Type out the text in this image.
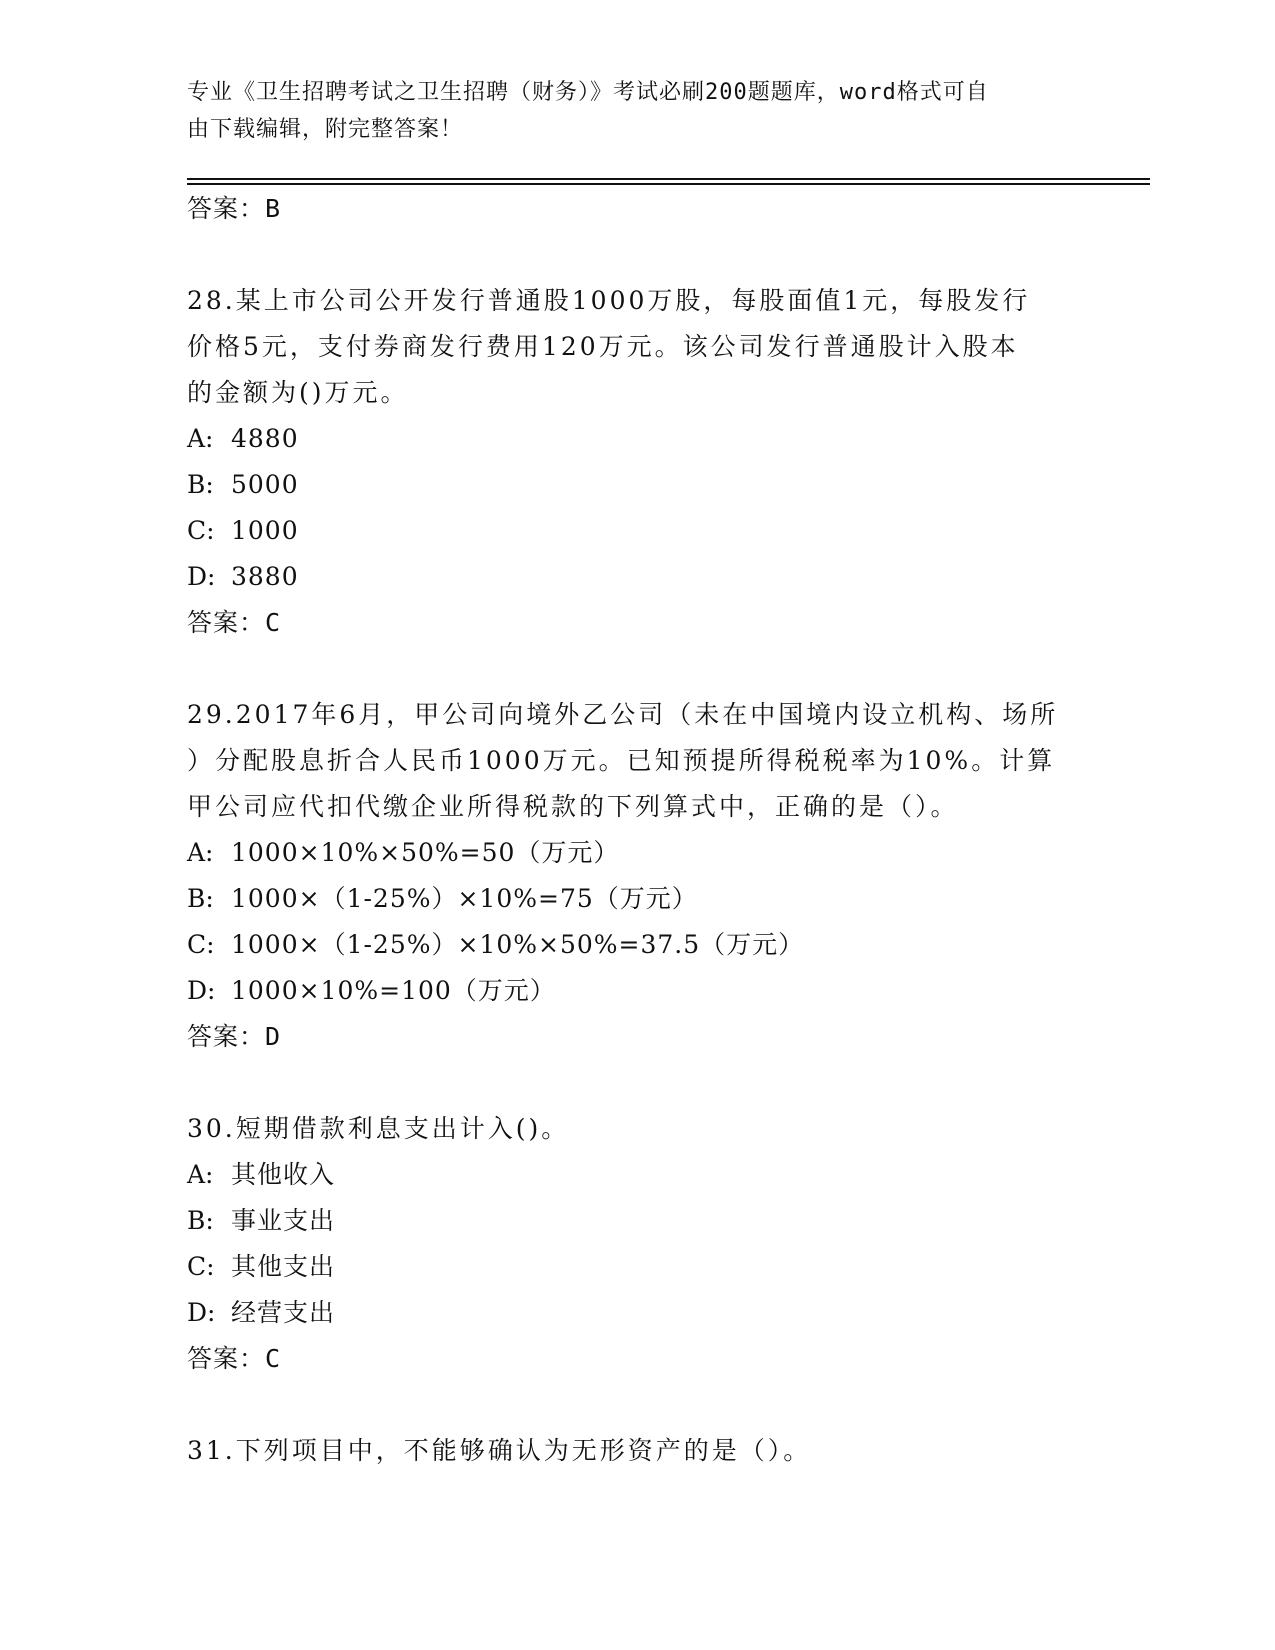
专业《卫生招聘考试之卫生招聘（财务）》考试必刷200题题库，word格式可自
由下载编辑，附完整答案！
答案：B
28.某上市公司公开发行普通股1000万股，每股面值1元，每股发行
价格5元，支付券商发行费用120万元。该公司发行普通股计入股本
的金额为()万元。
A: 4880
B: 5000
C: 1000
D: 3880
答案：C
29.2017年6月，甲公司向境外乙公司（未在中国境内设立机构、场所
）分配股息折合人民币1000万元。已知预提所得税税率为10%。计算
甲公司应代扣代缴企业所得税款的下列算式中，正确的是（）。
A: 1000×10%×50%=50（万元）
B: 1000×（1-25%）×10%=75（万元）
C: 1000×（1-25%）×10%×50%=37.5（万元）
D: 1000×10%=100（万元）
答案：D
30.短期借款利息支出计入()。
A: 其他收入
B: 事业支出
C: 其他支出
D: 经营支出
答案：C
31.下列项目中，不能够确认为无形资产的是（）。
